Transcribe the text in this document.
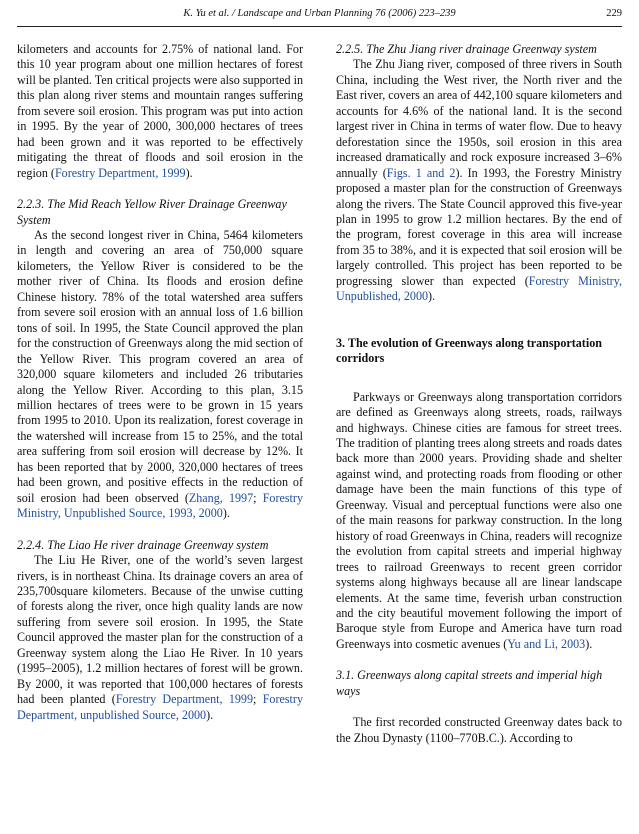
K. Yu et al. / Landscape and Urban Planning 76 (2006) 223–239	229

kilometers and accounts for 2.75% of national land. For this 10 year program about one million hectares of forest will be planted. Ten critical projects were also supported in this plan along river stems and mountain ranges suffering from severe soil erosion. This program was put into action in 1995. By the year of 2000, 300,000 hectares of trees had been grown and it was reported to be effectively mitigating the threat of floods and soil erosion in the region (Forestry Department, 1999).

2.2.3. The Mid Reach Yellow River Drainage Greenway System

As the second longest river in China, 5464 kilometers in length and covering an area of 750,000 square kilometers, the Yellow River is considered to be the mother river of China. Its floods and erosion define Chinese history. 78% of the total watershed area suffers from severe soil erosion with an annual loss of 1.6 billion tons of soil. In 1995, the State Council approved the plan for the construction of Greenways along the mid section of the Yellow River. This program covered an area of 320,000 square kilometers and included 26 tributaries along the Yellow River. According to this plan, 3.15 million hectares of trees were to be grown in 15 years from 1995 to 2010. Upon its realization, forest coverage in the watershed will increase from 15 to 25%, and the total area suffering from soil erosion will decrease by 12%. It has been reported that by 2000, 320,000 hectares of trees had been grown, and positive effects in the reduction of soil erosion had been observed (Zhang, 1997; Forestry Ministry, Unpublished Source, 1993, 2000).

2.2.4. The Liao He river drainage Greenway system

The Liu He River, one of the world’s seven largest rivers, is in northeast China. Its drainage covers an area of 235,700square kilometers. Because of the unwise cutting of forests along the river, once high quality lands are now suffering from severe soil erosion. In 1995, the State Council approved the master plan for the construction of a Greenway system along the Liao He River. In 10 years (1995–2005), 1.2 million hectares of forest will be grown. By 2000, it was reported that 100,000 hectares of forests had been planted (Forestry Department, 1999; Forestry Department, unpublished Source, 2000).

2.2.5. The Zhu Jiang river drainage Greenway system

The Zhu Jiang river, composed of three rivers in South China, including the West river, the North river and the East river, covers an area of 442,100 square kilometers and accounts for 4.6% of the national land. It is the second largest river in China in terms of water flow. Due to heavy deforestation since the 1950s, soil erosion in this area increased dramatically and rock exposure increased 3–6% annually (Figs. 1 and 2). In 1993, the Forestry Ministry proposed a master plan for the construction of Greenways along the rivers. The State Council approved this five-year plan in 1995 to grow 1.2 million hectares. By the end of the program, forest coverage in this area will increase from 35 to 38%, and it is expected that soil erosion will be largely controlled. This project has been reported to be progressing slower than expected (Forestry Ministry, Unpublished, 2000).

3. The evolution of Greenways along transportation corridors

Parkways or Greenways along transportation corridors are defined as Greenways along streets, roads, railways and highways. Chinese cities are famous for street trees. The tradition of planting trees along streets and roads dates back more than 2000 years. Providing shade and shelter against wind, and protecting roads from flooding or other damage have been the main functions of this type of Greenway. Visual and perceptual functions were also one of the main reasons for parkway construction. In the long history of road Greenways in China, readers will recognize the evolution from capital streets and imperial highway trees to railroad Greenways to recent green corridor systems along highways because all are linear landscape elements. At the same time, feverish urban construction and the city beautiful movement following the import of Baroque style from Europe and America have turn road Greenways into cosmetic avenues (Yu and Li, 2003).

3.1. Greenways along capital streets and imperial high ways

The first recorded constructed Greenway dates back to the Zhou Dynasty (1100–770B.C.). According to
